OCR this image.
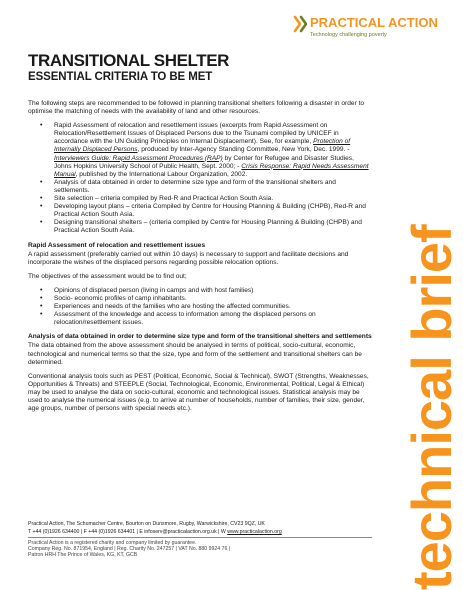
PRACTICAL ACTION
Technology challenging poverty
TRANSITIONAL SHELTER
ESSENTIAL CRITERIA TO BE MET
technical brief

The following steps are recommended to be followed in planning transitional shelters following a disaster in order to optimise the matching of needs with the availability of land and other resources.

• Rapid Assessment of relocation and resettlement issues (excerpts from Rapid Assessment on Relocation/Resettlement Issues of Displaced Persons due to the Tsunami compiled by UNICEF in accordance with the UN Guiding Principles on Internal Displacement). See, for example, Protection of Internally Displaced Persons, produced by Inter-Agency Standing Committee, New York, Dec. 1999. - Interviewers Guide: Rapid Assessment Procedures (RAP) by Center for Refugee and Disaster Studies, Johns Hopkins University School of Public Health, Sept. 2000; - Crisis Response: Rapid Needs Assessment Manual, published by the International Labour Organization, 2002.
• Analysis of data obtained in order to determine size type and form of the transitional shelters and settlements.
• Site selection – criteria compiled by Red-R and Practical Action South Asia.
• Developing layout plans – criteria Compiled by Centre for Housing Planning & Building (CHPB), Red-R and Practical Action South Asia.
• Designing transitional shelters – (criteria compiled by Centre for Housing Planning & Building (CHPB) and Practical Action South Asia.
Rapid Assessment of relocation and resettlement issues

A rapid assessment (preferably carried out within 10 days) is necessary to support and facilitate decisions and incorporate the wishes of the displaced persons regarding possible relocation options.

The objectives of the assessment would be to find out;

• Opinions of displaced person (living in camps and with host families)
• Socio- economic profiles of camp inhabitants.
• Experiences and needs of the families who are hosting the affected communities.
• Assessment of the knowledge and access to information among the displaced persons on relocation/resettlement issues.
Analysis of data obtained in order to determine size type and form of the transitional shelters and settlements

The data obtained from the above assessment should be analysed in terms of political, socio-cultural, economic, technological and numerical terms so that the size, type and form of the settlement and transitional shelters can be determined.

Conventional analysis tools such as PEST (Political, Economic, Social & Technical), SWOT (Strengths, Weaknesses, Opportunities & Threats) and STEEPLE (Social, Technological, Economic, Environmental, Political, Legal & Ethical) may be used to analyse the data on socio-cultural, economic and technological issues. Statistical analysis may be used to analyse the numerical issues (e.g. to arrive at number of households, number of families, their size, gender, age groups, number of persons with special needs etc.).

Practical Action, The Schumacher Centre, Bourton on Dunsmore, Rugby, Warwickshire, CV23 9QZ, UK
T +44 (0)1926 634400 | F +44 (0)1926 634401 | E infoserv@practicalaction.org.uk | W www.practicalaction.org
Practical Action is a registered charity and company limited by guarantee.
Company Reg. No. 871954, England | Reg. Charity No. 247257 | VAT No. 880 9924 76 |
Patron HRH The Prince of Wales, KG, KT, GCB
